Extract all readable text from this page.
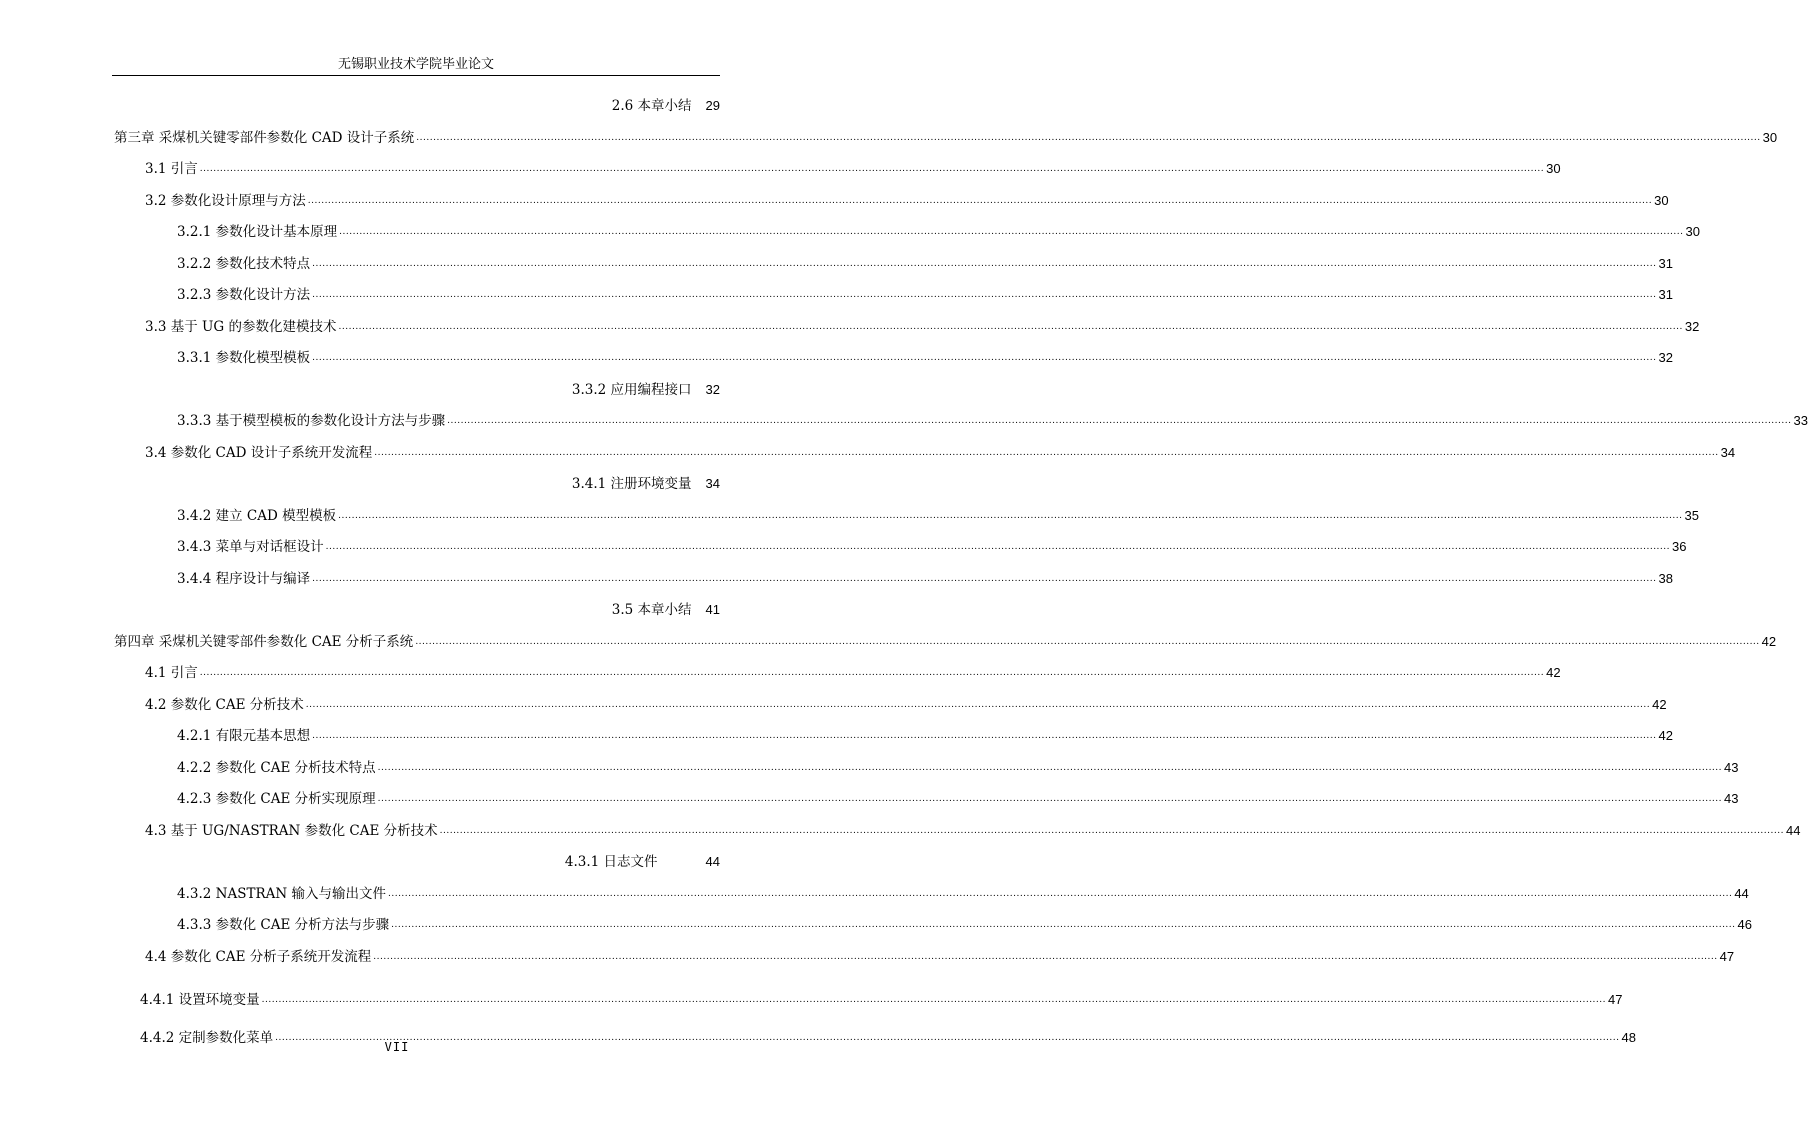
无锡职业技术学院毕业论文
2.6 本章小结 29
第三章 采煤机关键零部件参数化 CAD 设计子系统 ................................................................................................................................................................................................................................................................................................................................................................................................................ 30
3.1 引言 ................................................................................................................................................................................................................................................................................................................................................................................................................ 30
3.2 参数化设计原理与方法 ................................................................................................................................................................................................................................................................................................................................................................................................................ 30
3.2.1 参数化设计基本原理 ................................................................................................................................................................................................................................................................................................................................................................................................................ 30
3.2.2 参数化技术特点 ................................................................................................................................................................................................................................................................................................................................................................................................................ 31
3.2.3 参数化设计方法 ................................................................................................................................................................................................................................................................................................................................................................................................................ 31
3.3 基于 UG 的参数化建模技术 ................................................................................................................................................................................................................................................................................................................................................................................................................ 32
3.3.1 参数化模型模板 ................................................................................................................................................................................................................................................................................................................................................................................................................ 32
3.3.2 应用编程接口 32
3.3.3 基于模型模板的参数化设计方法与步骤 ................................................................................................................................................................................................................................................................................................................................................................................................................ 33
3.4 参数化 CAD 设计子系统开发流程 ................................................................................................................................................................................................................................................................................................................................................................................................................ 34
3.4.1 注册环境变量 34
3.4.2 建立 CAD 模型模板 ................................................................................................................................................................................................................................................................................................................................................................................................................ 35
3.4.3 菜单与对话框设计 ................................................................................................................................................................................................................................................................................................................................................................................................................ 36
3.4.4 程序设计与编译 ................................................................................................................................................................................................................................................................................................................................................................................................................ 38
3.5 本章小结 41
第四章 采煤机关键零部件参数化 CAE 分析子系统 ................................................................................................................................................................................................................................................................................................................................................................................................................ 42
4.1 引言 ................................................................................................................................................................................................................................................................................................................................................................................................................ 42
4.2 参数化 CAE 分析技术 ................................................................................................................................................................................................................................................................................................................................................................................................................ 42
4.2.1 有限元基本思想 ................................................................................................................................................................................................................................................................................................................................................................................................................ 42
4.2.2 参数化 CAE 分析技术特点 ................................................................................................................................................................................................................................................................................................................................................................................................................ 43
4.2.3 参数化 CAE 分析实现原理 ................................................................................................................................................................................................................................................................................................................................................................................................................ 43
4.3 基于 UG/NASTRAN 参数化 CAE 分析技术 ................................................................................................................................................................................................................................................................................................................................................................................................................ 44
4.3.1 日志文件	44
4.3.2 NASTRAN 输入与输出文件 ................................................................................................................................................................................................................................................................................................................................................................................................................ 44
4.3.3 参数化 CAE 分析方法与步骤 ................................................................................................................................................................................................................................................................................................................................................................................................................ 46
4.4 参数化 CAE 分析子系统开发流程 ................................................................................................................................................................................................................................................................................................................................................................................................................ 47
4.4.1 设置环境变量 ................................................................................................................................................................................................................................................................................................................................................................................................................ 47
4.4.2 定制参数化菜单 ................................................................................................................................................................................................................................................................................................................................................................................................................ 48
VII
